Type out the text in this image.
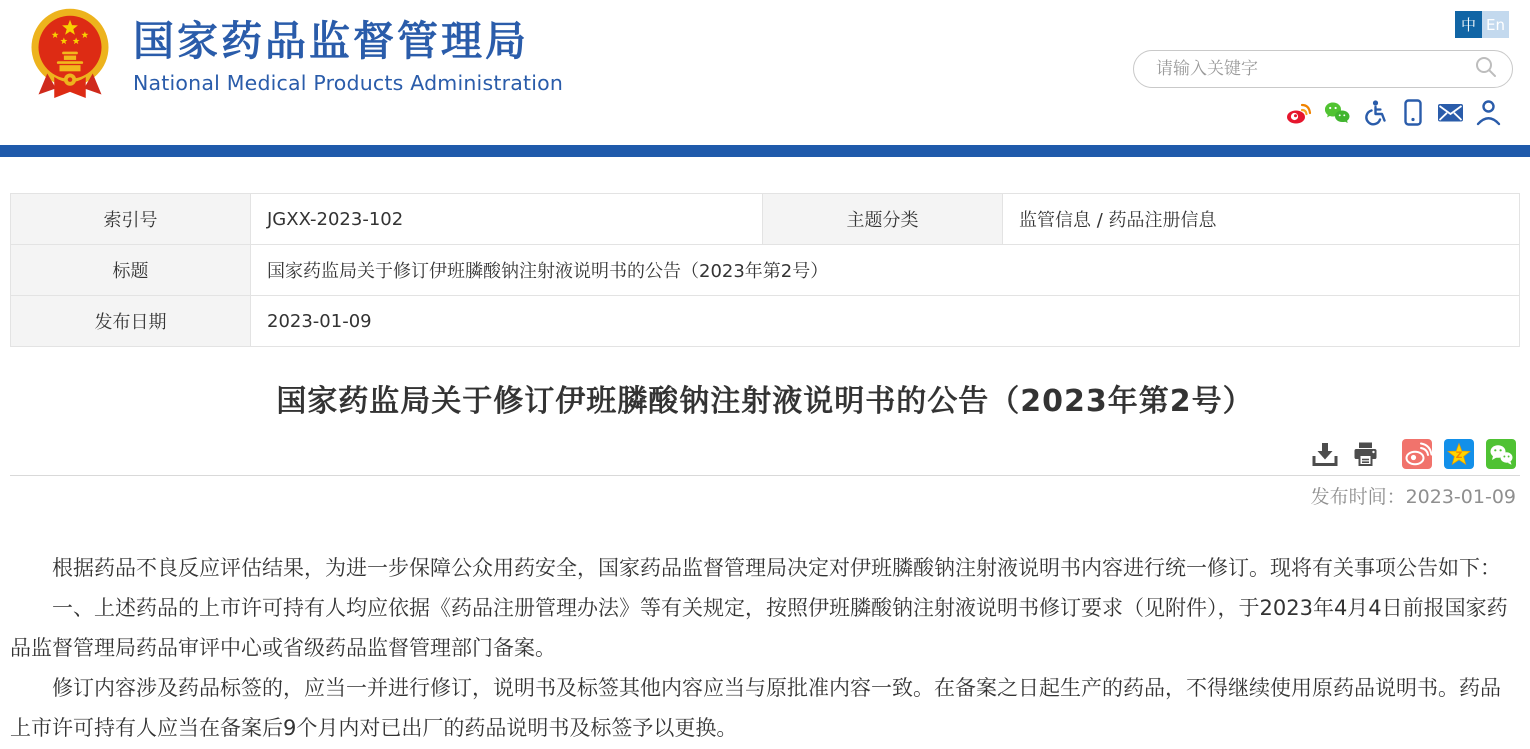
国家药品监督管理局
National Medical Products Administration
中 En
请输入关键字
索引号	JGXX-2023-102	主题分类	监管信息 / 药品注册信息
标题	国家药监局关于修订伊班膦酸钠注射液说明书的公告（2023年第2号）		
发布日期	2023-01-09		
国家药监局关于修订伊班膦酸钠注射液说明书的公告（2023年第2号）
Z
发布时间：2023-01-09

根据药品不良反应评估结果，为进一步保障公众用药安全，国家药品监督管理局决定对伊班膦酸钠注射液说明书内容进行统一修订。现将有关事项公告如下：

一、上述药品的上市许可持有人均应依据《药品注册管理办法》等有关规定，按照伊班膦酸钠注射液说明书修订要求（见附件），于2023年4月4日前报国家药品监督管理局药品审评中心或省级药品监督管理部门备案。

修订内容涉及药品标签的，应当一并进行修订，说明书及标签其他内容应当与原批准内容一致。在备案之日起生产的药品，不得继续使用原药品说明书。药品上市许可持有人应当在备案后9个月内对已出厂的药品说明书及标签予以更换。
